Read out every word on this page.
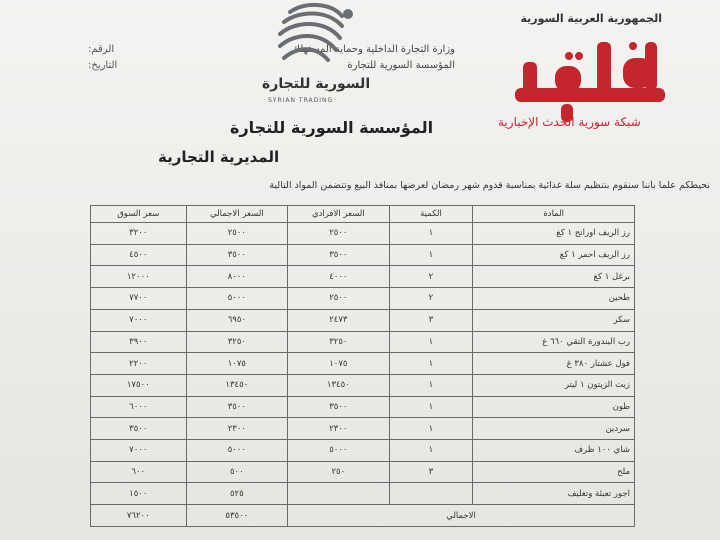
الجمهورية العربية السورية
وزارة التجارة الداخلية وحماية المستهلك
المؤسسة السورية للتجارة
الرقم:
التاريخ:
السورية للتجارة
SYRIAN TRADING
شبكة سورية الحدث الإخبارية
المؤسسة السورية للتجارة
المديرية التجارية
نحيطكم علما بأننا سنقوم بتنظيم سلة غذائية بمناسبة قدوم شهر رمضان لعرضها بمنافذ البيع وتتضمن المواد التالية
المادة	الكمية	السعر الافرادي	السعر الاجمالي	سعر السوق
رز الريف اورانج ١ كغ	١	٢٥٠٠	٢٥٠٠	٣٢٠٠
رز الريف احمر ١ كغ	١	٣٥٠٠	٣٥٠٠	٤٥٠٠
برغل ١ كغ	٢	٤٠٠٠	٨٠٠٠	١٢٠٠٠
طحين	٢	٢٥٠٠	٥٠٠٠	٧٧٠٠
سكر	٣	٢٤٧٣	٦٩٥٠	٧٠٠٠
رب البندورة التقي ٦٦٠ غ	١	٣٢٥٠	٣٢٥٠	٣٩٠٠
فول عشتار ٣٨٠ غ	١	١٠٧٥	١٠٧٥	٢٢٠٠
زيت الزيتون ١ ليتر	١	١٣٤٥٠	١٣٤٥٠	١٧٥٠٠
طون	١	٣٥٠٠	٣٥٠٠	٦٠٠٠
سردين	١	٢٣٠٠	٢٣٠٠	٣٥٠٠
شاي ١٠٠ ظرف	١	٥٠٠٠	٥٠٠٠	٧٠٠٠
ملح	٣	٢٥٠	٥٠٠	٦٠٠
اجور تعبئة وتغليف			٥٢٥	١٥٠٠
الاجمالي			٥٣٥٠٠	٧٦٢٠٠
